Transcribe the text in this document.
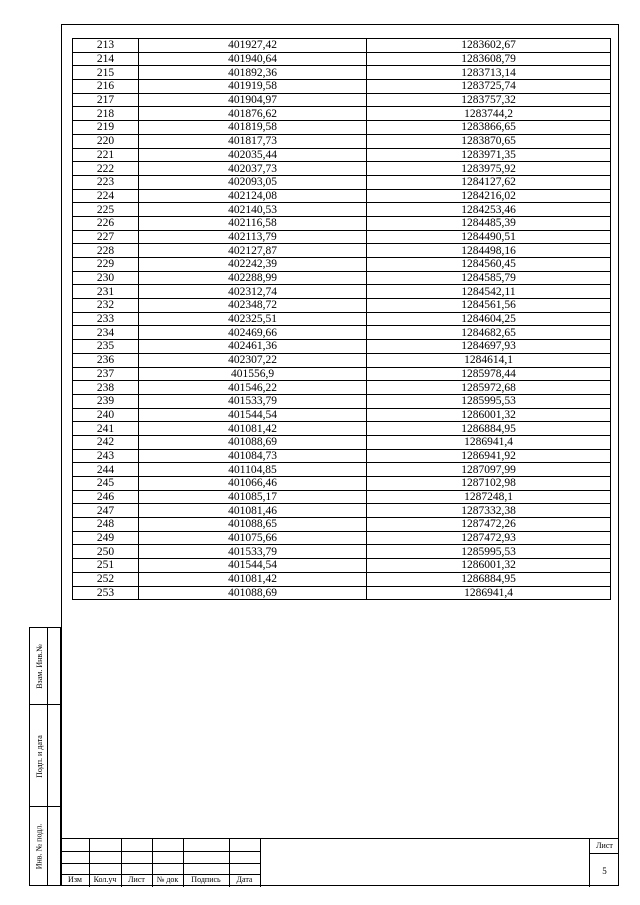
213	401927,42	1283602,67
214	401940,64	1283608,79
215	401892,36	1283713,14
216	401919,58	1283725,74
217	401904,97	1283757,32
218	401876,62	1283744,2
219	401819,58	1283866,65
220	401817,73	1283870,65
221	402035,44	1283971,35
222	402037,73	1283975,92
223	402093,05	1284127,62
224	402124,08	1284216,02
225	402140,53	1284253,46
226	402116,58	1284485,39
227	402113,79	1284490,51
228	402127,87	1284498,16
229	402242,39	1284560,45
230	402288,99	1284585,79
231	402312,74	1284542,11
232	402348,72	1284561,56
233	402325,51	1284604,25
234	402469,66	1284682,65
235	402461,36	1284697,93
236	402307,22	1284614,1
237	401556,9	1285978,44
238	401546,22	1285972,68
239	401533,79	1285995,53
240	401544,54	1286001,32
241	401081,42	1286884,95
242	401088,69	1286941,4
243	401084,73	1286941,92
244	401104,85	1287097,99
245	401066,46	1287102,98
246	401085,17	1287248,1
247	401081,46	1287332,38
248	401088,65	1287472,26
249	401075,66	1287472,93
250	401533,79	1285995,53
251	401544,54	1286001,32
252	401081,42	1286884,95
253	401088,69	1286941,4
Взам. Инв.№
Подп. и дата
Инв. № подл.
Изм	Кол.уч	Лист	№ док	Подпись	Дата
Лист
5
